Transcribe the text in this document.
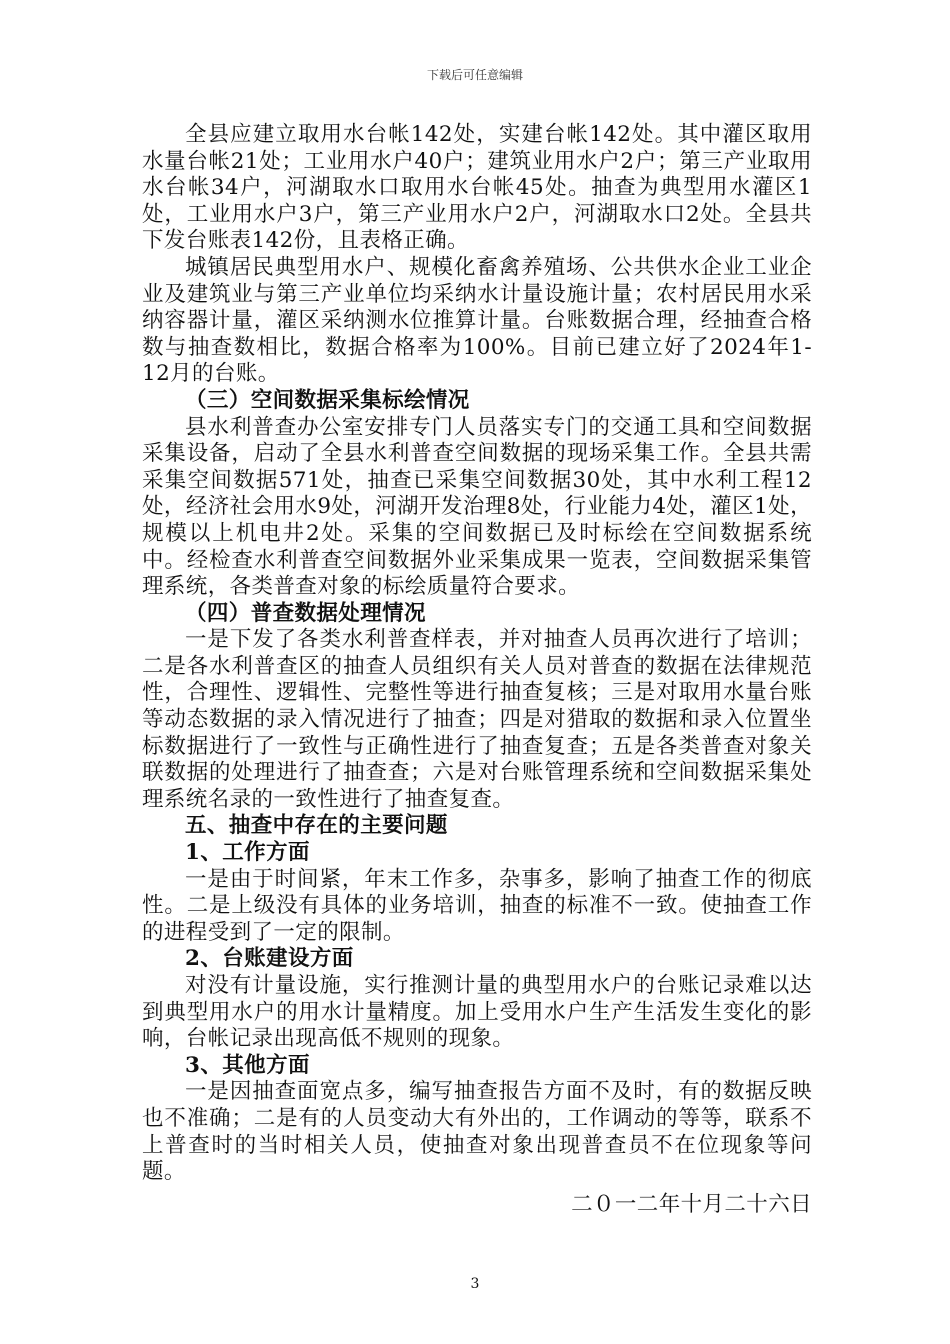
下载后可任意编辑

全县应建立取用水台帐142处，实建台帐142处。其中灌区取用水量台帐21处；工业用水户40户；建筑业用水户2户；第三产业取用水台帐34户，河湖取水口取用水台帐45处。抽查为典型用水灌区1处，工业用水户3户，第三产业用水户2户，河湖取水口2处。全县共下发台账表142份，且表格正确。

城镇居民典型用水户、规模化畜禽养殖场、公共供水企业工业企业及建筑业与第三产业单位均采纳水计量设施计量；农村居民用水采纳容器计量，灌区采纳测水位推算计量。台账数据合理，经抽查合格数与抽查数相比，数据合格率为100%。目前已建立好了2024年1-12月的台账。

（三）空间数据采集标绘情况

县水利普查办公室安排专门人员落实专门的交通工具和空间数据采集设备，启动了全县水利普查空间数据的现场采集工作。全县共需采集空间数据571处，抽查已采集空间数据30处，其中水利工程12处，经济社会用水9处，河湖开发治理8处，行业能力4处，灌区1处，规模以上机电井2处。采集的空间数据已及时标绘在空间数据系统中。经检查水利普查空间数据外业采集成果一览表，空间数据采集管理系统，各类普查对象的标绘质量符合要求。

（四）普查数据处理情况

一是下发了各类水利普查样表，并对抽查人员再次进行了培训；二是各水利普查区的抽查人员组织有关人员对普查的数据在法律规范性，合理性、逻辑性、完整性等进行抽查复核；三是对取用水量台账等动态数据的录入情况进行了抽查；四是对猎取的数据和录入位置坐标数据进行了一致性与正确性进行了抽查复查；五是各类普查对象关联数据的处理进行了抽查查；六是对台账管理系统和空间数据采集处理系统名录的一致性进行了抽查复查。

五、抽查中存在的主要问题

1、工作方面

一是由于时间紧，年末工作多，杂事多，影响了抽查工作的彻底性。二是上级没有具体的业务培训，抽查的标准不一致。使抽查工作的进程受到了一定的限制。

2、台账建设方面

对没有计量设施，实行推测计量的典型用水户的台账记录难以达到典型用水户的用水计量精度。加上受用水户生产生活发生变化的影响，台帐记录出现高低不规则的现象。

3、其他方面

一是因抽查面宽点多，编写抽查报告方面不及时，有的数据反映也不准确；二是有的人员变动大有外出的，工作调动的等等，联系不上普查时的当时相关人员，使抽查对象出现普查员不在位现象等问题。

二０一二年十月二十六日

3
